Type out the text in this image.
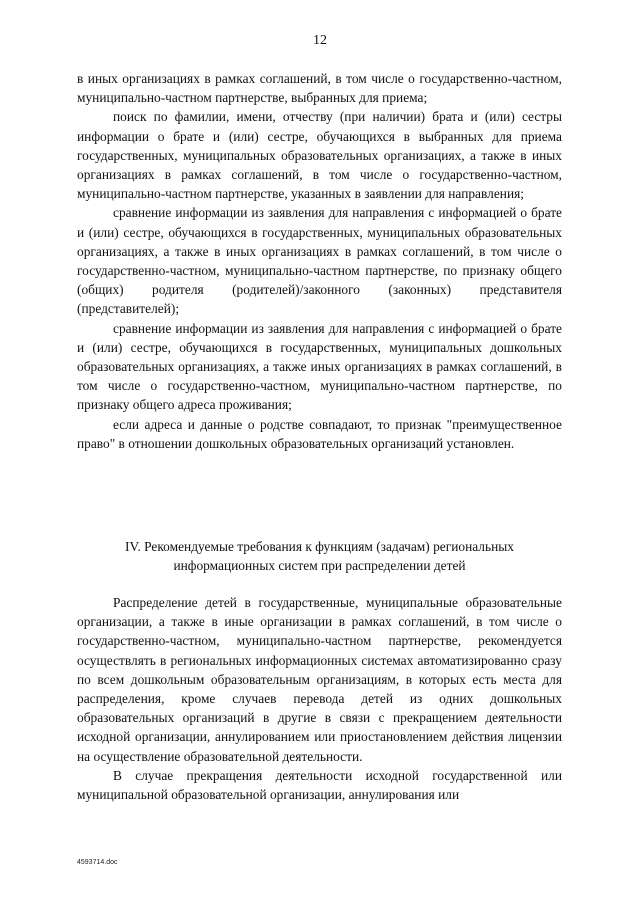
12

в иных организациях в рамках соглашений, в том числе о государственно-частном, муниципально-частном партнерстве, выбранных для приема;

поиск по фамилии, имени, отчеству (при наличии) брата и (или) сестры информации о брате и (или) сестре, обучающихся в выбранных для приема государственных, муниципальных образовательных организациях, а также в иных организациях в рамках соглашений, в том числе о государственно-частном, муниципально-частном партнерстве, указанных в заявлении для направления;

сравнение информации из заявления для направления с информацией о брате и (или) сестре, обучающихся в государственных, муниципальных образовательных организациях, а также в иных организациях в рамках соглашений, в том числе о государственно-частном, муниципально-частном партнерстве, по признаку общего (общих) родителя (родителей)/законного (законных) представителя (представителей);

сравнение информации из заявления для направления с информацией о брате и (или) сестре, обучающихся в государственных, муниципальных дошкольных образовательных организациях, а также иных организациях в рамках соглашений, в том числе о государственно-частном, муниципально-частном партнерстве, по признаку общего адреса проживания;

если адреса и данные о родстве совпадают, то признак "преимущественное право" в отношении дошкольных образовательных организаций установлен.

IV. Рекомендуемые требования к функциям (задачам) региональных
информационных систем при распределении детей

Распределение детей в государственные, муниципальные образовательные организации, а также в иные организации в рамках соглашений, в том числе о государственно-частном, муниципально-частном партнерстве, рекомендуется осуществлять в региональных информационных системах автоматизированно сразу по всем дошкольным образовательным организациям, в которых есть места для распределения, кроме случаев перевода детей из одних дошкольных образовательных организаций в другие в связи с прекращением деятельности исходной организации, аннулированием или приостановлением действия лицензии на осуществление образовательной деятельности.

В случае прекращения деятельности исходной государственной или муниципальной образовательной организации, аннулирования или

4593714.doc
